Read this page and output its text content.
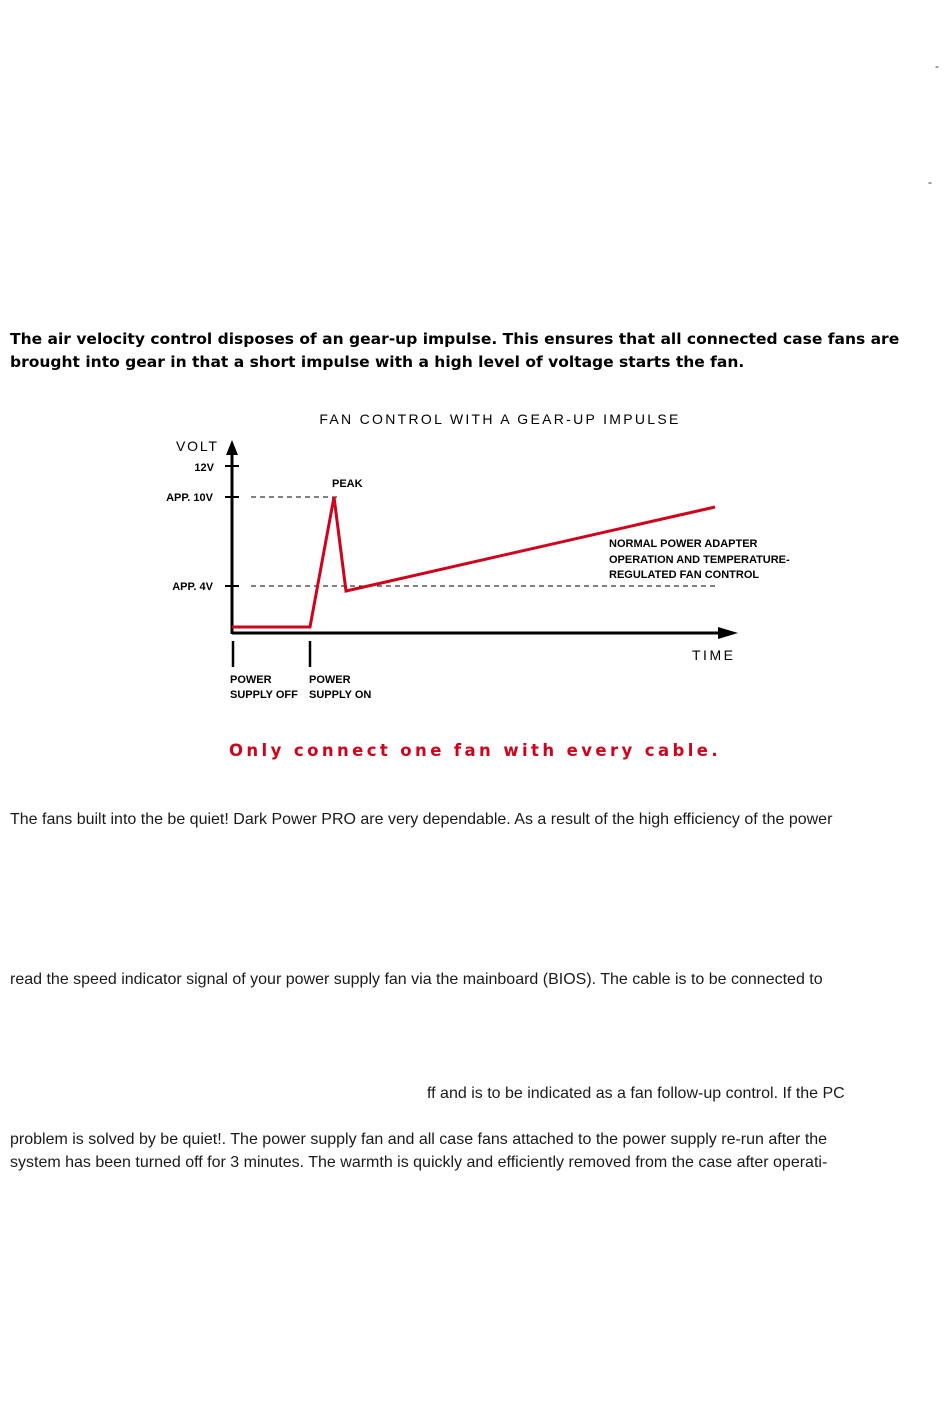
-
-

The air velocity control disposes of an gear-up impulse. This ensures that all connected case fans are brought into gear in that a short impulse with a high level of voltage starts the fan.

FAN CONTROL WITH A GEAR-UP IMPULSE
VOLT
12V
APP. 10V
APP. 4V
TIME
POWER
SUPPLY OFF
POWER
SUPPLY ON
PEAK
NORMAL POWER ADAPTER
OPERATION AND TEMPERATURE-
REGULATED FAN CONTROL

Only connect one fan with every cable.

The fans built into the be quiet! Dark Power PRO are very dependable. As a result of the high efficiency of the power

read the speed indicator signal of your power supply fan via the mainboard (BIOS). The cable is to be connected to

ff and is to be indicated as a fan follow-up control. If the PC

problem is solved by be quiet!. The power supply fan and all case fans attached to the power supply re-run after the

system has been turned off for 3 minutes. The warmth is quickly and efficiently removed from the case after operati-
